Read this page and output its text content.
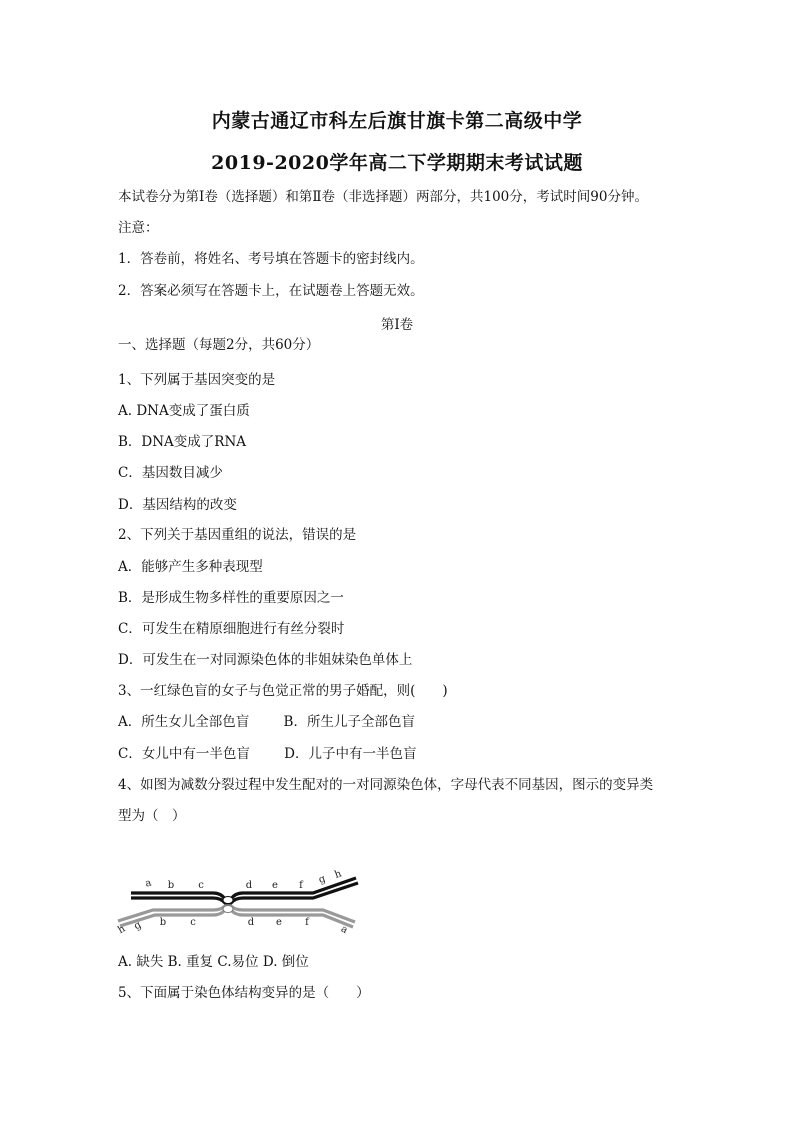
内蒙古通辽市科左后旗甘旗卡第二高级中学
2019-2020学年高二下学期期末考试试题
本试卷分为第Ⅰ卷（选择题）和第Ⅱ卷（非选择题）两部分，共100分，考试时间90分钟。
注意：
1．答卷前，将姓名、考号填在答题卡的密封线内。
2．答案必须写在答题卡上，在试题卷上答题无效。
第Ⅰ卷
一、选择题（每题2分，共60分）
1、下列属于基因突变的是
A. DNA变成了蛋白质
B．DNA变成了RNA
C．基因数目减少
D．基因结构的改变
2、下列关于基因重组的说法，错误的是
A．能够产生多种表现型
B．是形成生物多样性的重要原因之一
C．可发生在精原细胞进行有丝分裂时
D．可发生在一对同源染色体的非姐妹染色单体上
3、一红绿色盲的女子与色觉正常的男子婚配，则(　　)
A．所生女儿全部色盲	B．所生儿子全部色盲
C．女儿中有一半色盲	D．儿子中有一半色盲
4、如图为减数分裂过程中发生配对的一对同源染色体，字母代表不同基因，图示的变异类
型为（　）
a b c	d e f g h
h g b c	d e f
a
A. 缺失 B. 重复 C.易位 D. 倒位
5、下面属于染色体结构变异的是（　　）
